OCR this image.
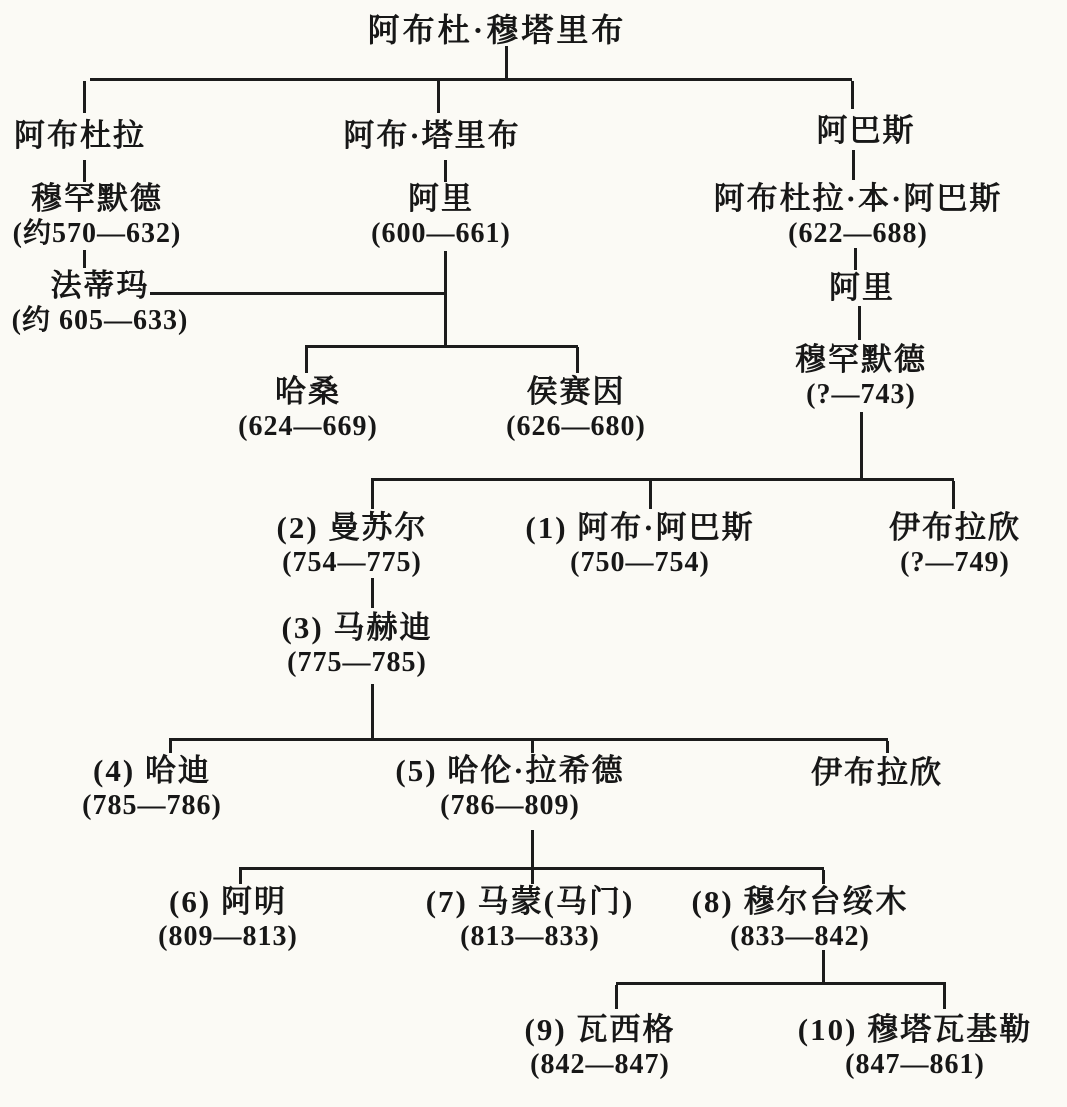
阿布杜·穆塔里布
阿布杜拉	阿布·塔里布	阿巴斯
穆罕默德
(约570—632)
阿里
(600—661)
阿布杜拉·本·阿巴斯
(622—688)
法蒂玛
(约 605—633)
阿里
穆罕默德
(?—743)
哈桑
(624—669)
侯赛因
(626—680)
(2) 曼苏尔
(754—775)
(1) 阿布·阿巴斯
(750—754)
伊布拉欣
(?—749)
(3) 马赫迪
(775—785)
(4) 哈迪
(785—786)
(5) 哈伦·拉希德
(786—809)
伊布拉欣
(6) 阿明
(809—813)
(7) 马蒙(马门)
(813—833)
(8) 穆尔台绥木
(833—842)
(9) 瓦西格
(842—847)
(10) 穆塔瓦基勒
(847—861)
